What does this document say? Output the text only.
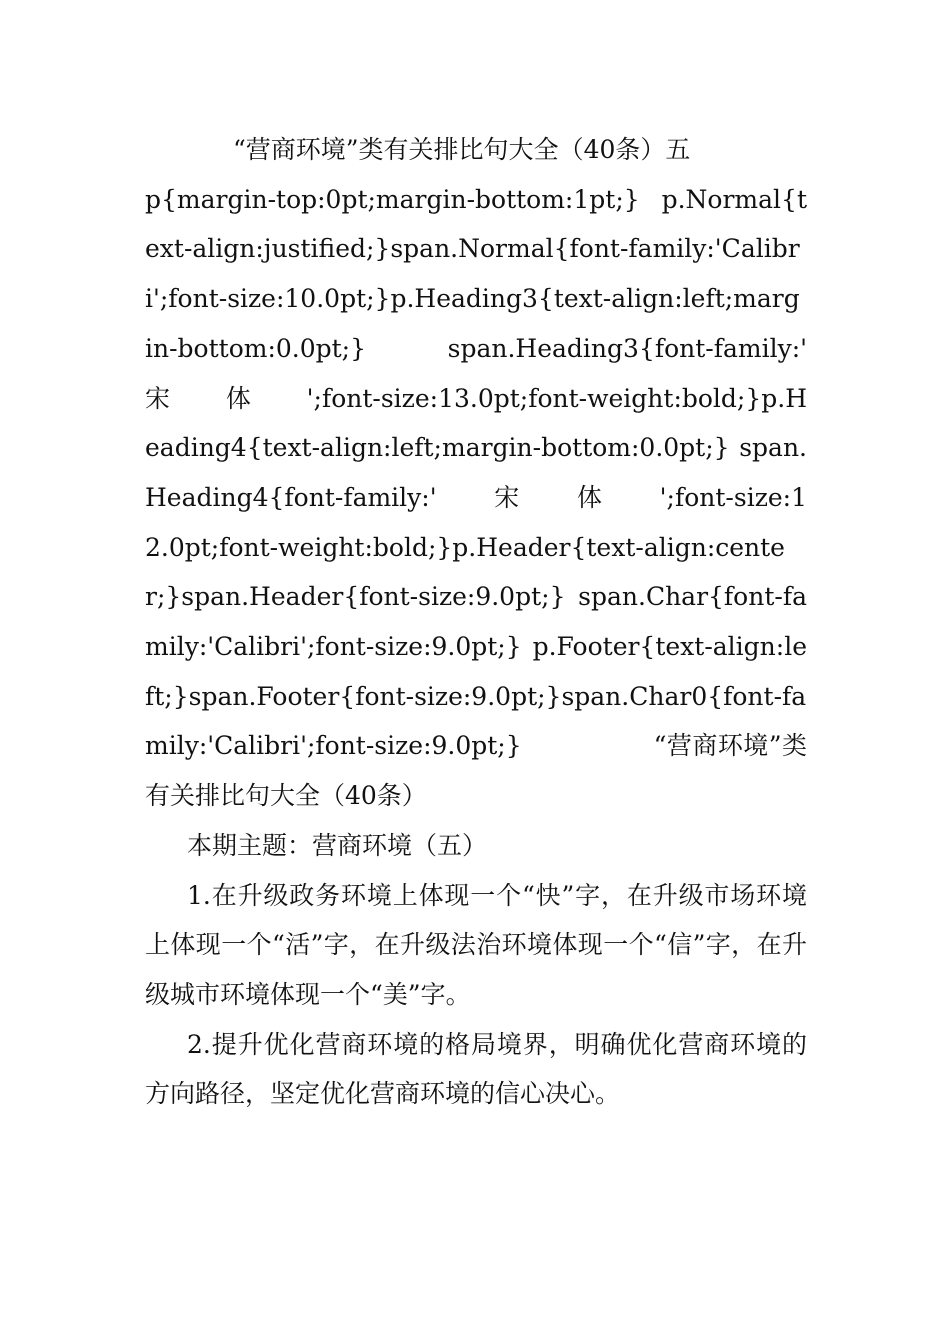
“营商环境”类有关排比句大全（40条）五

p{margin-top:0pt;margin-bottom:1pt;} p.Normal{text-align:justified;}span.Normal{font-family:'Calibri';font-size:10.0pt;}p.Heading3{text-align:left;margin-bottom:0.0pt;}	span.Heading3{font-family:'　　宋　　体　　';font-size:13.0pt;font-weight:bold;}p.Heading4{text-align:left;margin-bottom:0.0pt;} span.Heading4{font-family:'　　宋　　体　　';font-size:12.0pt;font-weight:bold;}p.Header{text-align:center;}span.Header{font-size:9.0pt;} span.Char{font-family:'Calibri';font-size:9.0pt;} p.Footer{text-align:left;}span.Footer{font-size:9.0pt;}span.Char0{font-family:'Calibri';font-size:9.0pt;}	“营商环境”类有关排比句大全（40条）

本期主题：营商环境（五）

1.在升级政务环境上体现一个“快”字，在升级市场环境上体现一个“活”字，在升级法治环境体现一个“信”字，在升级城市环境体现一个“美”字。

2.提升优化营商环境的格局境界，明确优化营商环境的方向路径，坚定优化营商环境的信心决心。
